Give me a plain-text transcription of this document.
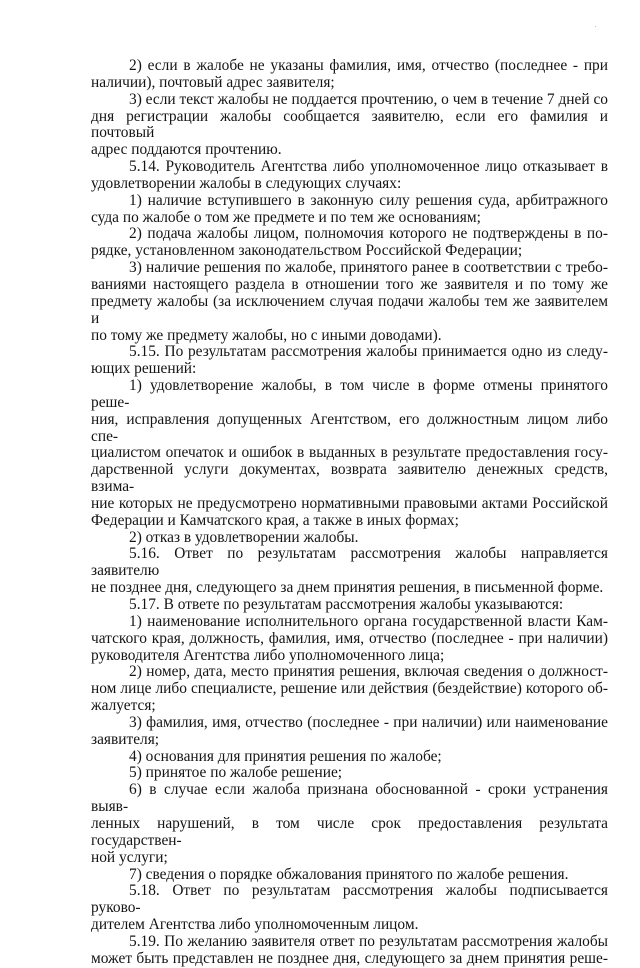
·

2) если в жалобе не указаны фамилия, имя, отчество (последнее - при
наличии), почтовый адрес заявителя;

3) если текст жалобы не поддается прочтению, о чем в течение 7 дней со
дня регистрации жалобы сообщается заявителю, если его фамилия и почтовый
адрес поддаются прочтению.

5.14. Руководитель Агентства либо уполномоченное лицо отказывает в
удовлетворении жалобы в следующих случаях:

1) наличие вступившего в законную силу решения суда, арбитражного
суда по жалобе о том же предмете и по тем же основаниям;

2) подача жалобы лицом, полномочия которого не подтверждены в по-
рядке, установленном законодательством Российской Федерации;

3) наличие решения по жалобе, принятого ранее в соответствии с требо-
ваниями настоящего раздела в отношении того же заявителя и по тому же
предмету жалобы (за исключением случая подачи жалобы тем же заявителем и
по тому же предмету жалобы, но с иными доводами).

5.15. По результатам рассмотрения жалобы принимается одно из следу-
ющих решений:

1) удовлетворение жалобы, в том числе в форме отмены принятого реше-
ния, исправления допущенных Агентством, его должностным лицом либо спе-
циалистом опечаток и ошибок в выданных в результате предоставления госу-
дарственной услуги документах, возврата заявителю денежных средств, взима-
ние которых не предусмотрено нормативными правовыми актами Российской
Федерации и Камчатского края, а также в иных формах;

2) отказ в удовлетворении жалобы.

5.16. Ответ по результатам рассмотрения жалобы направляется заявителю
не позднее дня, следующего за днем принятия решения, в письменной форме.

5.17. В ответе по результатам рассмотрения жалобы указываются:

1) наименование исполнительного органа государственной власти Кам-
чатского края, должность, фамилия, имя, отчество (последнее - при наличии)
руководителя Агентства либо уполномоченного лица;

2) номер, дата, место принятия решения, включая сведения о должност-
ном лице либо специалисте, решение или действия (бездействие) которого об-
жалуется;

3) фамилия, имя, отчество (последнее - при наличии) или наименование
заявителя;

4) основания для принятия решения по жалобе;

5) принятое по жалобе решение;

6) в случае если жалоба признана обоснованной - сроки устранения выяв-
ленных нарушений, в том числе срок предоставления результата государствен-
ной услуги;

7) сведения о порядке обжалования принятого по жалобе решения.

5.18. Ответ по результатам рассмотрения жалобы подписывается руково-
дителем Агентства либо уполномоченным лицом.

5.19. По желанию заявителя ответ по результатам рассмотрения жалобы
может быть представлен не позднее дня, следующего за днем принятия реше-
